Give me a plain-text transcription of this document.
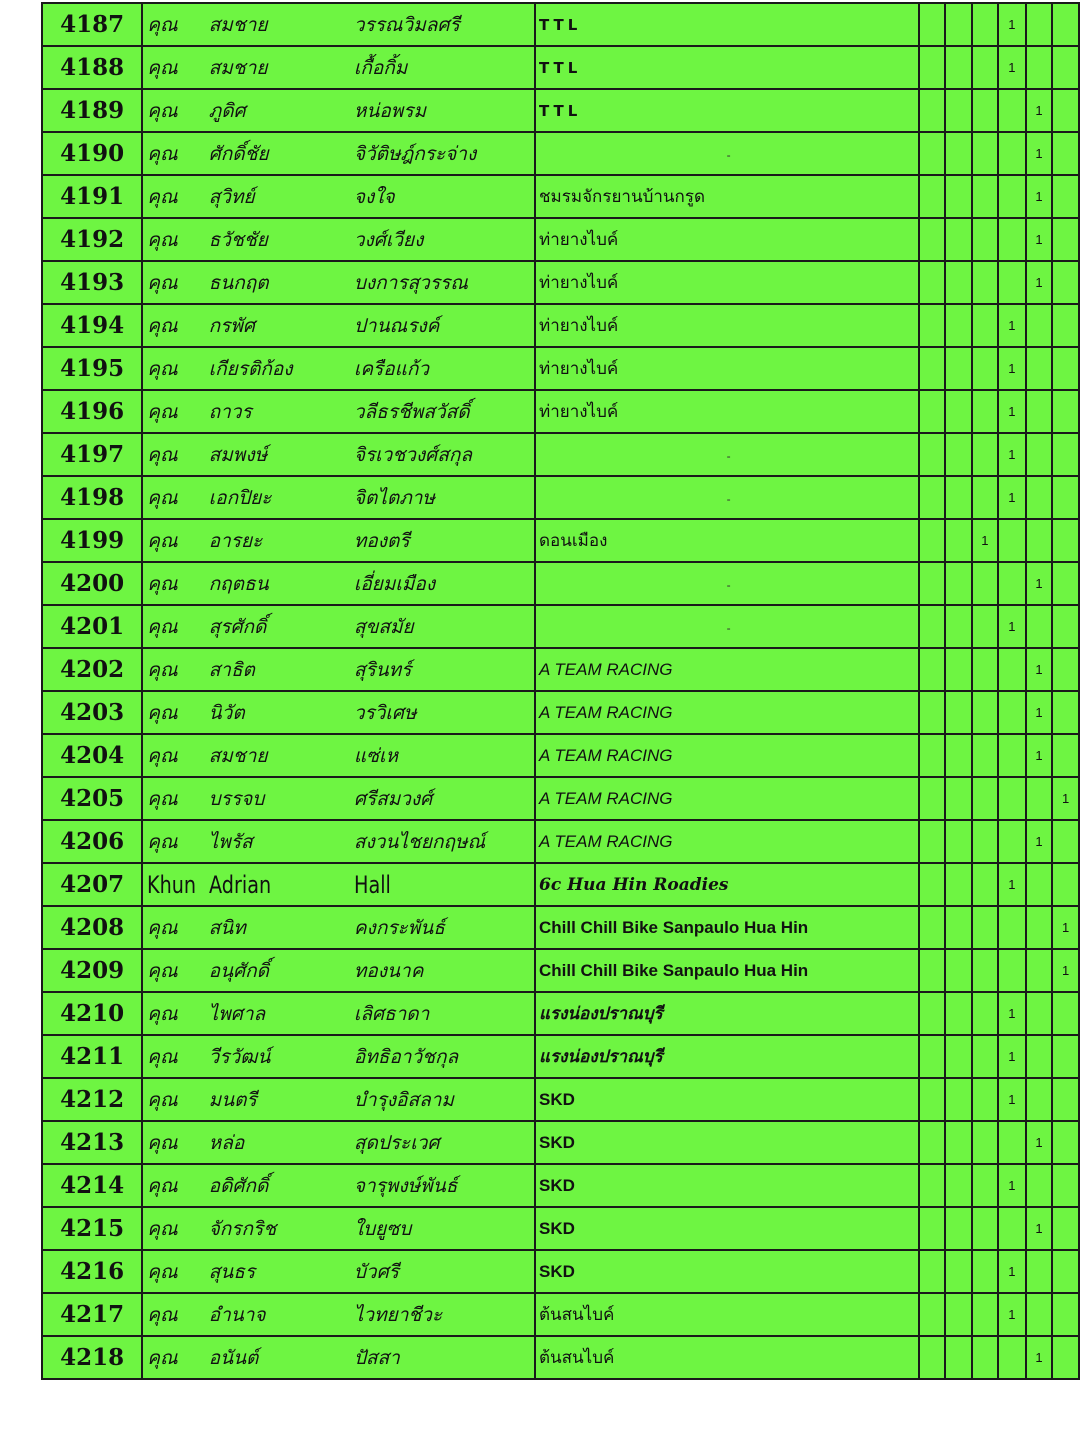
4187	คุณ	สมชาย	วรรณวิมลศรี	TTL				1		
4188	คุณ	สมชาย	เกื้อกิ้ม	TTL				1		
4189	คุณ	ภูดิศ	หน่อพรม	TTL					1	
4190	คุณ	ศักดิ์ชัย	จิวัติษฎ์กระจ่าง	-					1	
4191	คุณ	สุวิทย์	จงใจ	ชมรมจักรยานบ้านกรูด					1	
4192	คุณ	ธวัชชัย	วงศ์เวียง	ท่ายางไบค์					1	
4193	คุณ	ธนกฤต	บงการสุวรรณ	ท่ายางไบค์					1	
4194	คุณ	กรพัศ	ปานณรงค์	ท่ายางไบค์				1		
4195	คุณ	เกียรติก้อง	เครือแก้ว	ท่ายางไบค์				1		
4196	คุณ	ถาวร	วลีธรชีพสวัสดิ์	ท่ายางไบค์				1		
4197	คุณ	สมพงษ์	จิรเวชวงศ์สกุล	-				1		
4198	คุณ	เอกปิยะ	จิตไตภาษ	-				1		
4199	คุณ	อารยะ	ทองตรี	ดอนเมือง			1			
4200	คุณ	กฤตธน	เอี่ยมเมือง	-					1	
4201	คุณ	สุรศักดิ์	สุขสมัย	-				1		
4202	คุณ	สาธิต	สุรินทร์	A TEAM RACING					1	
4203	คุณ	นิวัต	วรวิเศษ	A TEAM RACING					1	
4204	คุณ	สมชาย	แซ่เห	A TEAM RACING					1	
4205	คุณ	บรรจบ	ศรีสมวงศ์	A TEAM RACING						1
4206	คุณ	ไพรัส	สงวนไชยกฤษณ์	A TEAM RACING					1	
4207	Khun	Adrian	Hall	6c Hua Hin Roadies				1		
4208	คุณ	สนิท	คงกระพันธ์	Chill Chill Bike Sanpaulo Hua Hin						1
4209	คุณ	อนุศักดิ์	ทองนาค	Chill Chill Bike Sanpaulo Hua Hin						1
4210	คุณ	ไพศาล	เลิศธาดา	แรงน่องปราณบุรี				1		
4211	คุณ	วีรวัฒน์	อิทธิอาวัชกุล	แรงน่องปราณบุรี				1		
4212	คุณ	มนตรี	บำรุงอิสลาม	SKD				1		
4213	คุณ	หล่อ	สุดประเวศ	SKD					1	
4214	คุณ	อดิศักดิ์	จารุพงษ์พันธ์	SKD				1		
4215	คุณ	จักรกริช	ใบยูซบ	SKD					1	
4216	คุณ	สุนธร	บัวศรี	SKD				1		
4217	คุณ	อำนาจ	ไวทยาชีวะ	ต้นสนไบค์				1		
4218	คุณ	อนันต์	ปัสสา	ต้นสนไบค์					1	
